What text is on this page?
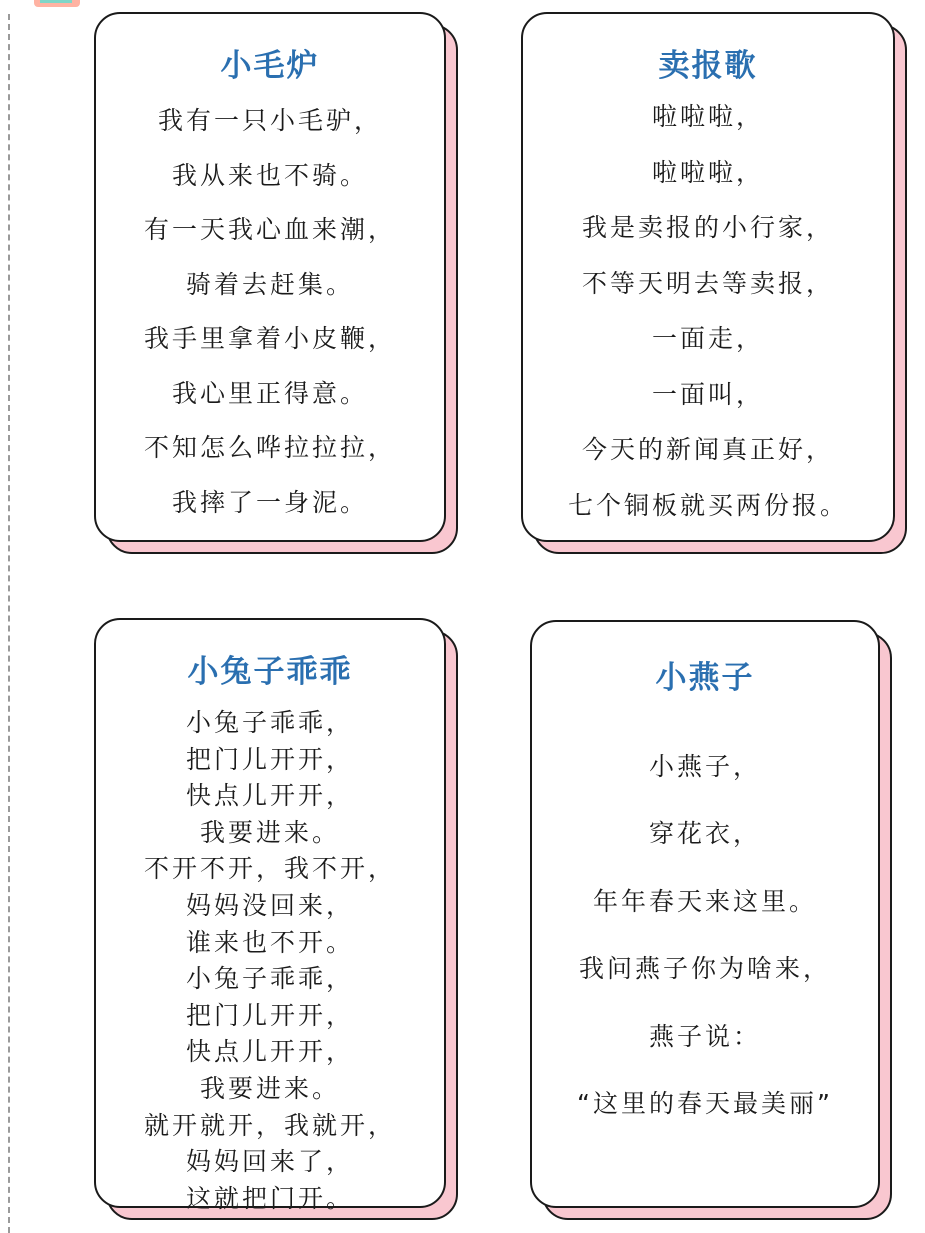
小毛炉
我有一只小毛驴，
我从来也不骑。
有一天我心血来潮，
骑着去赶集。
我手里拿着小皮鞭，
我心里正得意。
不知怎么哗拉拉拉，
我摔了一身泥。
卖报歌
啦啦啦，
啦啦啦，
我是卖报的小行家，
不等天明去等卖报，
一面走，
一面叫，
今天的新闻真正好，
七个铜板就买两份报。
小兔子乖乖
小兔子乖乖，
把门儿开开，
快点儿开开，
我要进来。
不开不开，我不开，
妈妈没回来，
谁来也不开。
小兔子乖乖，
把门儿开开，
快点儿开开，
我要进来。
就开就开，我就开，
妈妈回来了，
这就把门开。
小燕子
小燕子，
穿花衣，
年年春天来这里。
我问燕子你为啥来，
燕子说：
“这里的春天最美丽”
